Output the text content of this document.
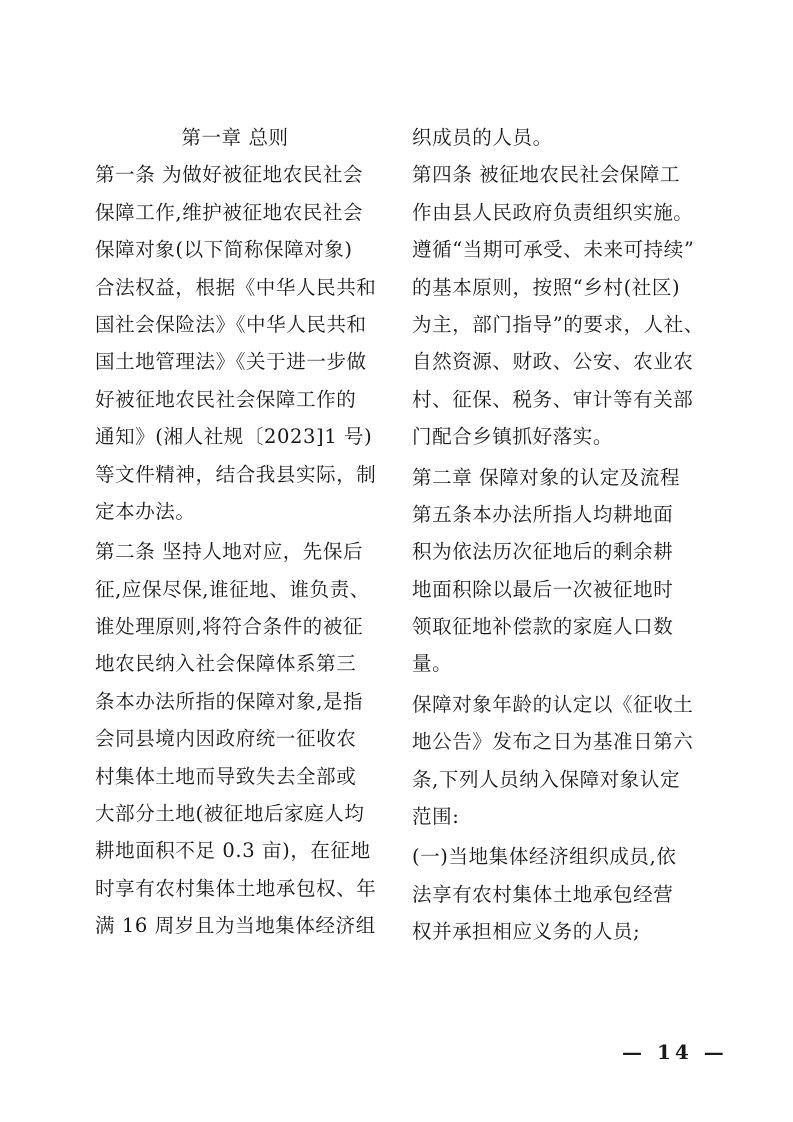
第一章 总则
第一条 为做好被征地农民社会
保障工作,维护被征地农民社会
保障对象(以下简称保障对象)
合法权益，根据《中华人民共和
国社会保险法》《中华人民共和
国土地管理法》《关于进一步做
好被征地农民社会保障工作的
通知》(湘人社规〔2023]1 号)
等文件精神，结合我县实际，制
定本办法。
第二条 坚持人地对应，先保后
征,应保尽保,谁征地、谁负责、
谁处理原则,将符合条件的被征
地农民纳入社会保障体系第三
条本办法所指的保障对象,是指
会同县境内因政府统一征收农
村集体土地而导致失去全部或
大部分土地(被征地后家庭人均
耕地面积不足 0.3 亩)，在征地
时享有农村集体土地承包权、年
满 16 周岁且为当地集体经济组
织成员的人员。
第四条 被征地农民社会保障工
作由县人民政府负责组织实施。
遵循“当期可承受、未来可持续”
的基本原则，按照“乡村(社区)
为主，部门指导”的要求，人社、
自然资源、财政、公安、农业农
村、征保、税务、审计等有关部
门配合乡镇抓好落实。
第二章 保障对象的认定及流程
第五条本办法所指人均耕地面
积为依法历次征地后的剩余耕
地面积除以最后一次被征地时
领取征地补偿款的家庭人口数
量。
保障对象年龄的认定以《征收土
地公告》发布之日为基准日第六
条,下列人员纳入保障对象认定
范围:
(一)当地集体经济组织成员,依
法享有农村集体土地承包经营
权并承担相应义务的人员;
— 14 —
